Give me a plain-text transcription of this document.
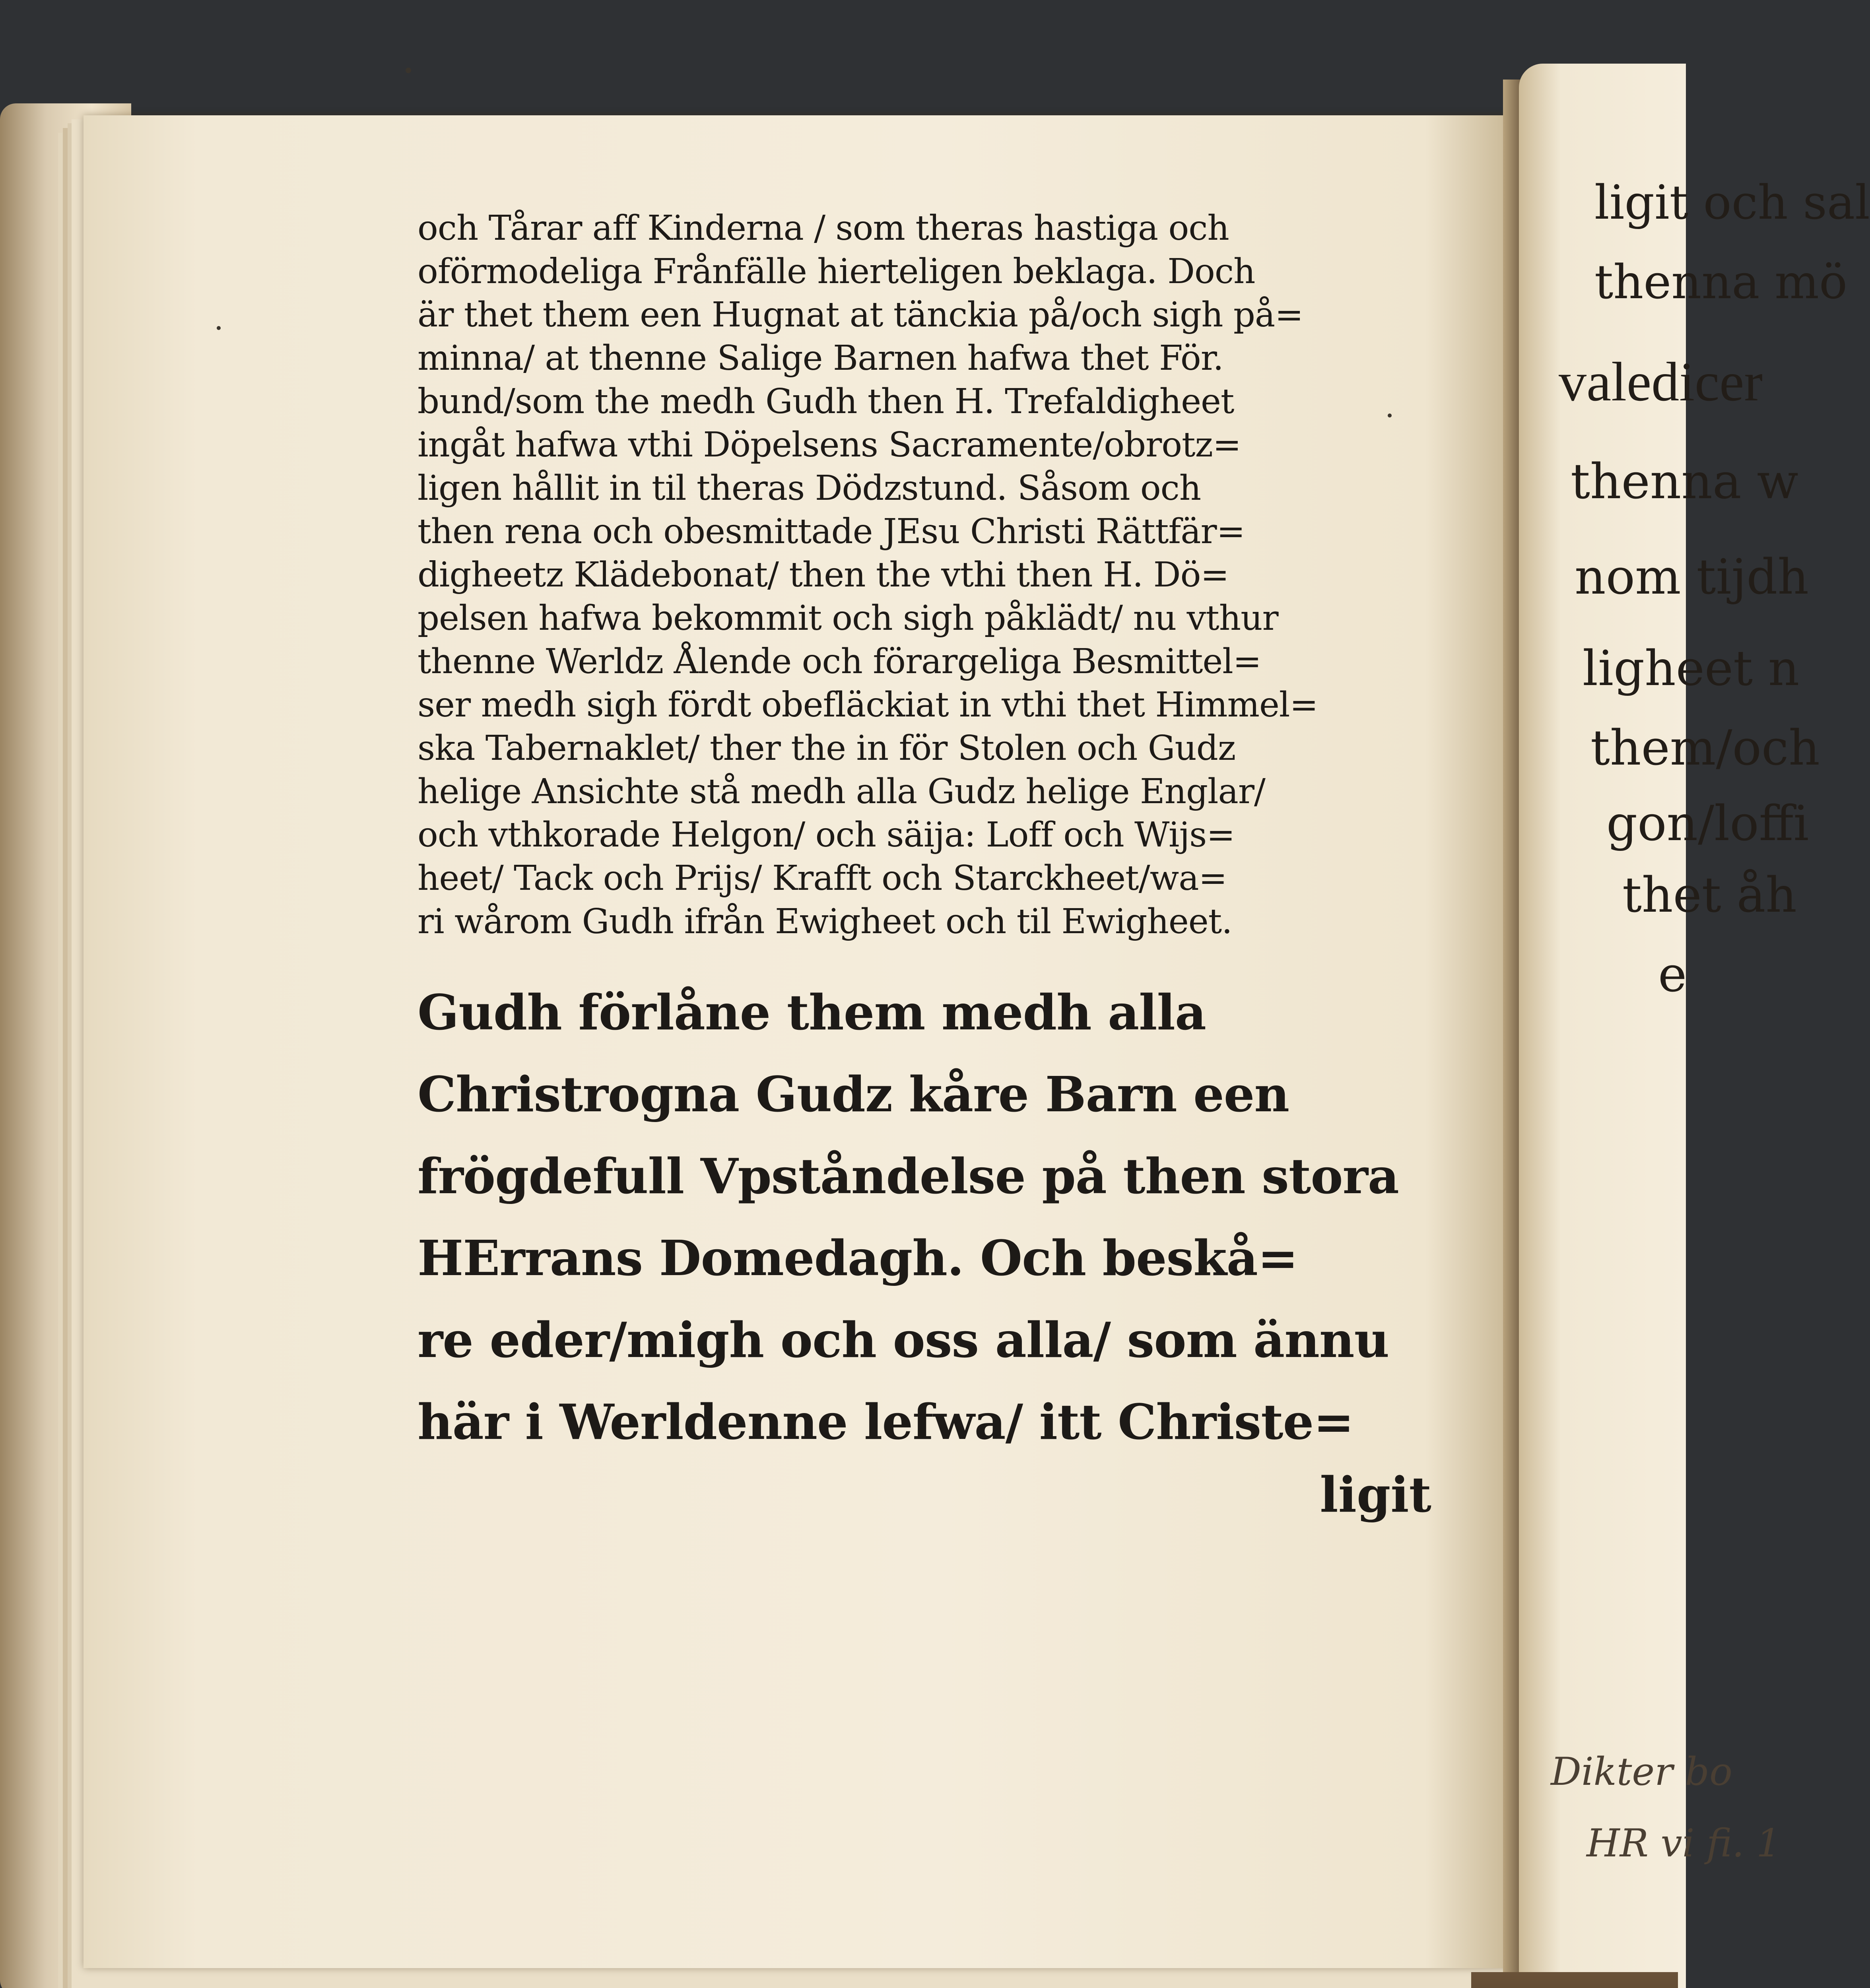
och Tårar aff Kinderna / som theras hastiga och
oförmodeliga Frånfälle hierteligen beklaga. Doch
är thet them een Hugnat at tänckia på/och sigh på=
minna/ at thenne Salige Barnen hafwa thet För.
bund/som the medh Gudh then H. Trefaldigheet
ingåt hafwa vthi Döpelsens Sacramente/obrotz=
ligen hållit in til theras Dödzstund. Såsom och
then rena och obesmittade JEsu Christi Rättfär=
digheetz Klädebonat/ then the vthi then H. Dö=
pelsen hafwa bekommit och sigh påklädt/ nu vthur
thenne Werldz Ålende och förargeliga Besmittel=
ser medh sigh fördt obefläckiat in vthi thet Himmel=
ska Tabernaklet/ ther the in för Stolen och Gudz
helige Ansichte stå medh alla Gudz helige Englar/
och vthkorade Helgon/ och säija: Loff och Wijs=
heet/ Tack och Prijs/ Krafft och Starckheet/wa=
ri wårom Gudh ifrån Ewigheet och til Ewigheet.
Gudh förlåne them medh alla
Christrogna Gudz kåre Barn een
frögdefull Vpståndelse på then stora
HErrans Domedagh. Och beskå=
re eder/migh och oss alla/ som ännu
här i Werldenne lefwa/ itt Christe=
ligit
ligit och sal
thenna mö
valedicer
thenna w
nom tijdh
ligheet n
them/och
gon/loffi
thet åh
e
Dikter bo
HR vi fi. 1
